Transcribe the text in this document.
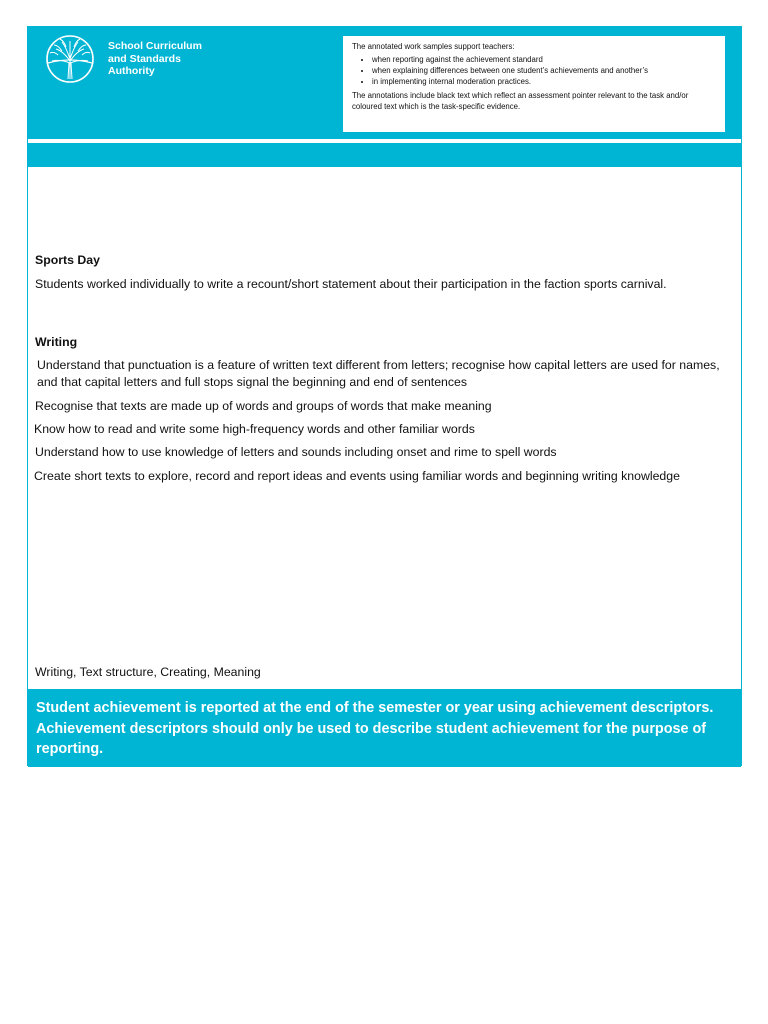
School Curriculum
and Standards
Authority

The annotated work samples support teachers:

• when reporting against the achievement standard
• when explaining differences between one student’s achievements and another’s
• in implementing internal moderation practices.

The annotations include black text which reflect an assessment pointer relevant to the task and/or coloured text which is the task-specific evidence.

Sports Day
Students worked individually to write a recount/short statement about their participation in the faction sports carnival.
Writing
Understand that punctuation is a feature of written text different from letters; recognise how capital letters are used for names, and that capital letters and full stops signal the beginning and end of sentences
Recognise that texts are made up of words and groups of words that make meaning
Know how to read and write some high-frequency words and other familiar words
Understand how to use knowledge of letters and sounds including onset and rime to spell words
Create short texts to explore, record and report ideas and events using familiar words and beginning writing knowledge
Writing, Text structure, Creating, Meaning
Student achievement is reported at the end of the semester or year using achievement descriptors. Achievement descriptors should only be used to describe student achievement for the purpose of reporting.
